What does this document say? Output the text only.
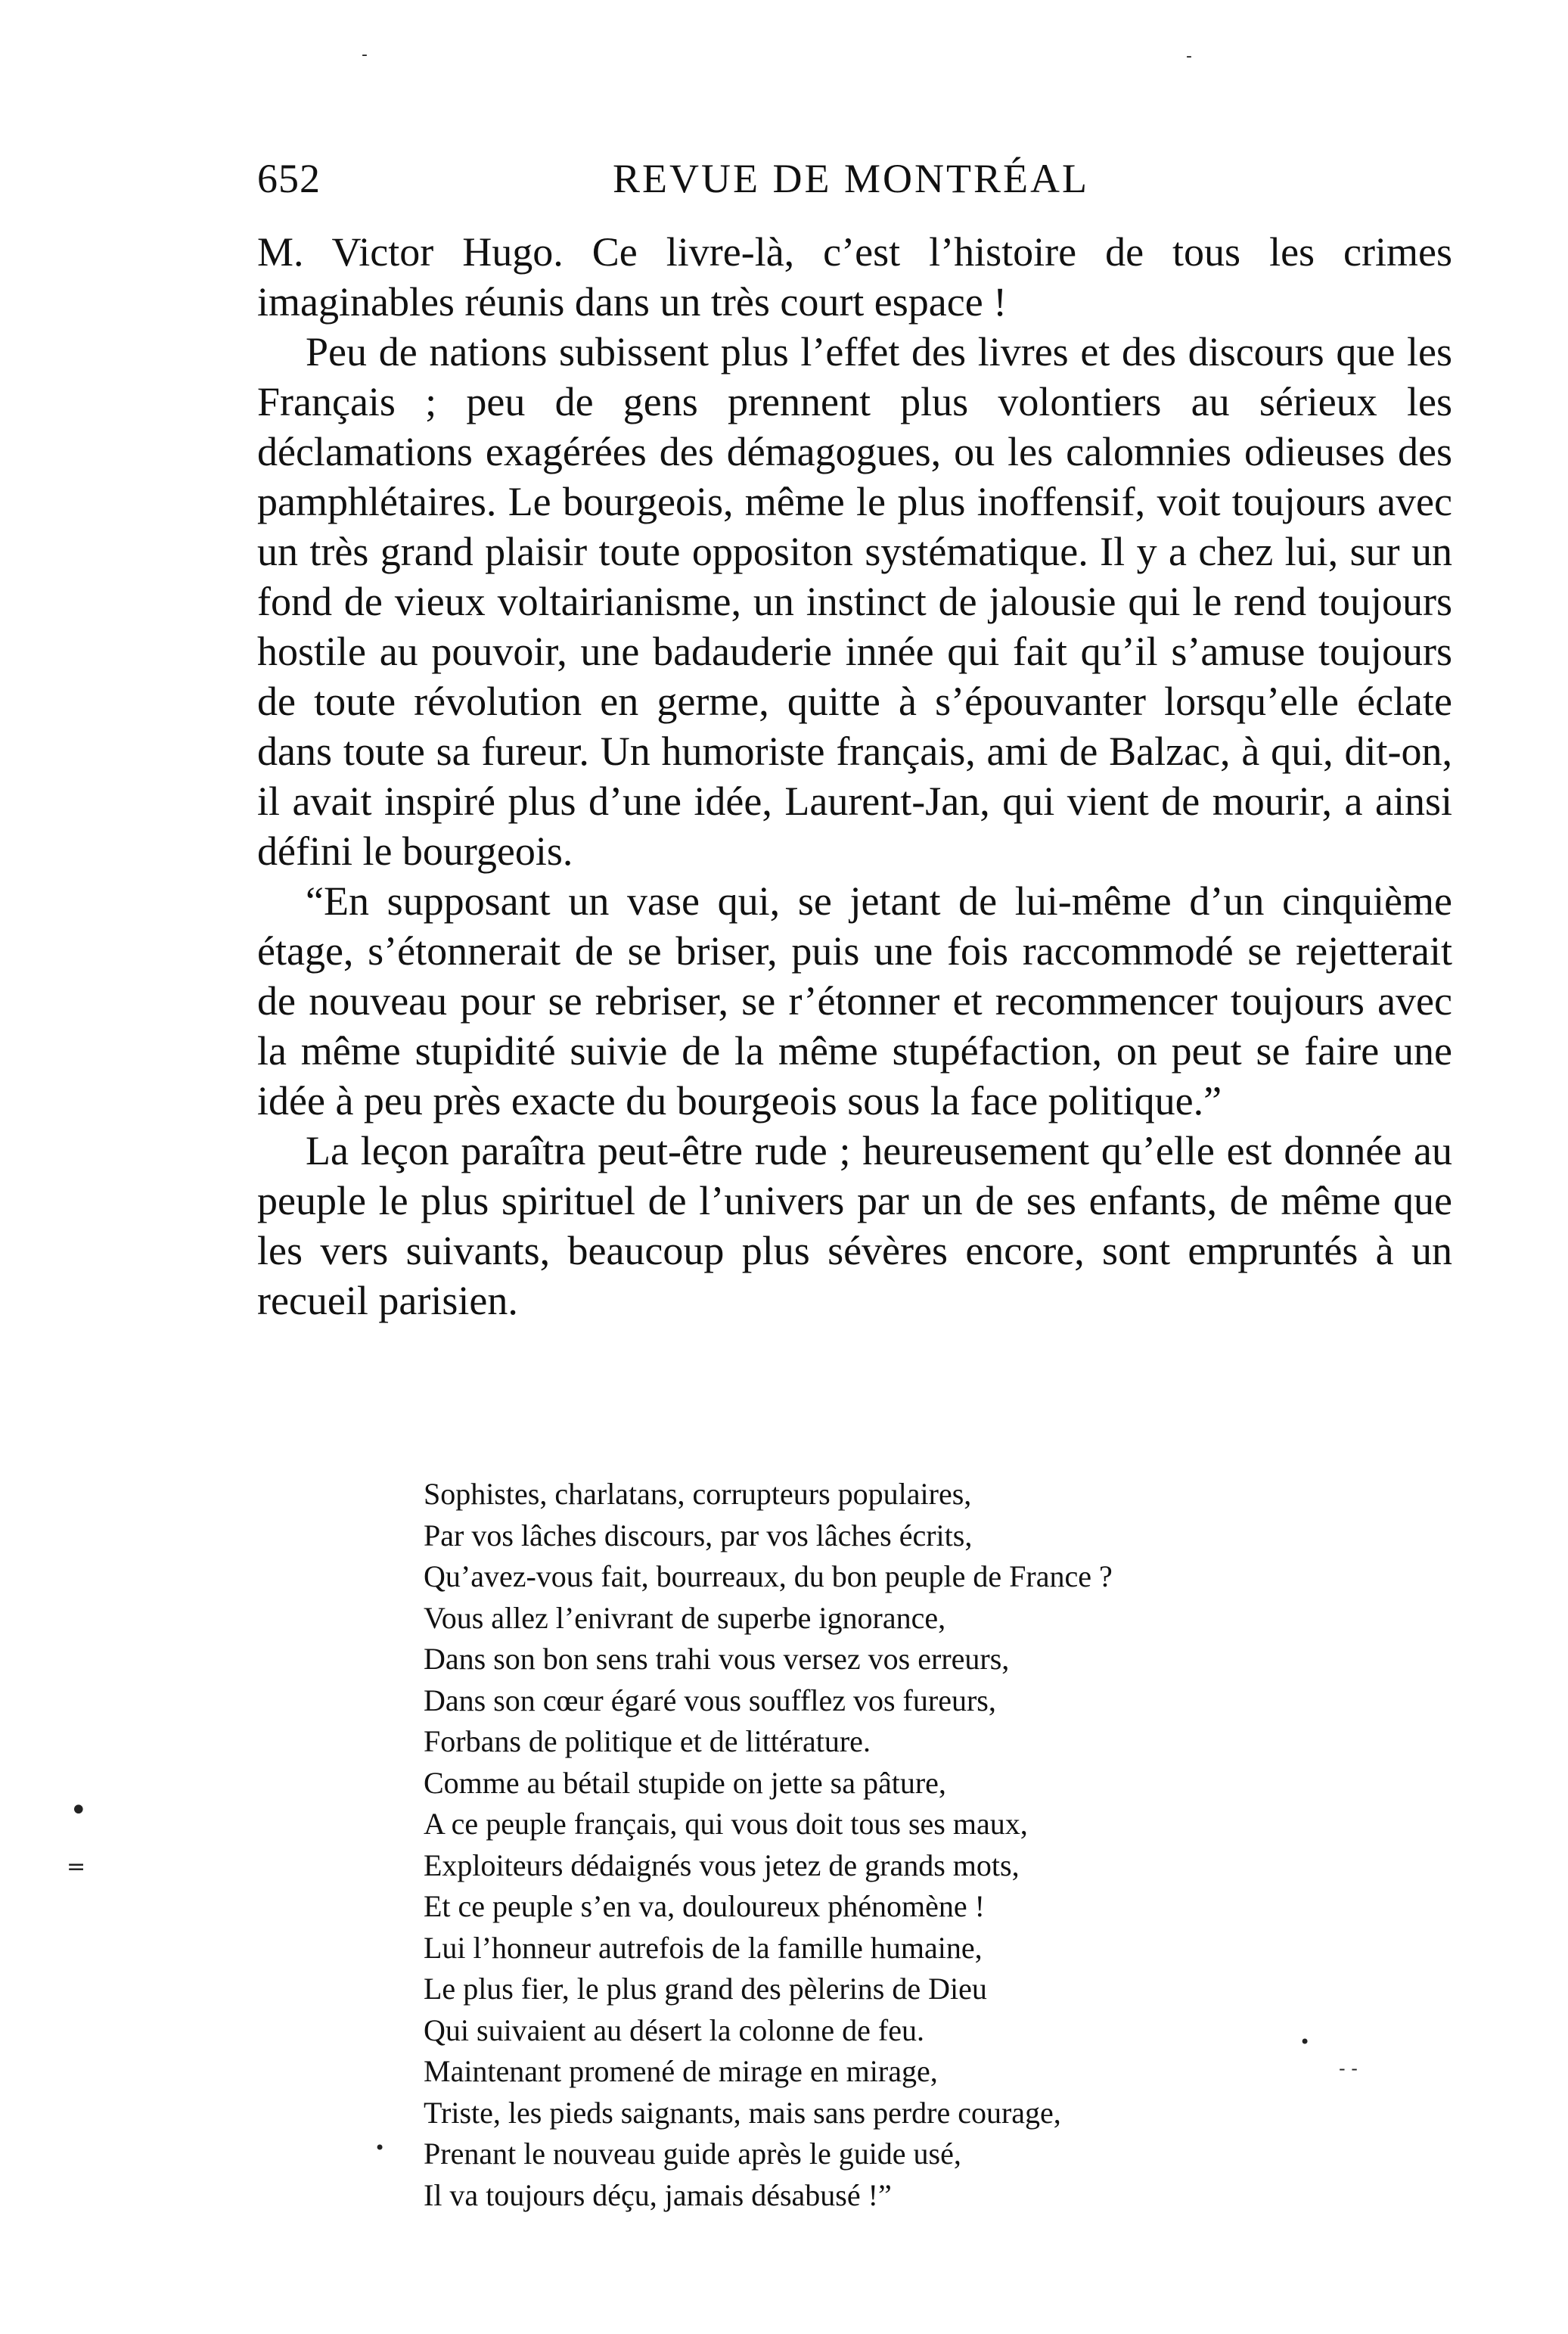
652	REVUE DE MONTRÉAL

M. Victor Hugo. Ce livre-là, c’est l’histoire de tous les crimes imaginables réunis dans un très court espace !

Peu de nations subissent plus l’effet des livres et des discours que les Français ; peu de gens prennent plus volontiers au sérieux les déclamations exagérées des démagogues, ou les calomnies odieuses des pamphlétaires. Le bourgeois, même le plus inoffensif, voit toujours avec un très grand plaisir toute oppositon systématique. Il y a chez lui, sur un fond de vieux voltairianisme, un instinct de jalousie qui le rend toujours hostile au pouvoir, une badauderie innée qui fait qu’il s’amuse toujours de toute révolution en germe, quitte à s’épouvanter lorsqu’elle éclate dans toute sa fureur. Un humoriste français, ami de Balzac, à qui, dit-on, il avait inspiré plus d’une idée, Laurent-Jan, qui vient de mourir, a ainsi défini le bourgeois.

“En supposant un vase qui, se jetant de lui-même d’un cinquième étage, s’étonnerait de se briser, puis une fois raccommodé se rejetterait de nouveau pour se rebriser, se r’étonner et recommencer toujours avec la même stupidité suivie de la même stupéfaction, on peut se faire une idée à peu près exacte du bourgeois sous la face politique.”

La leçon paraîtra peut-être rude ; heureusement qu’elle est donnée au peuple le plus spirituel de l’univers par un de ses enfants, de même que les vers suivants, beaucoup plus sévères encore, sont empruntés à un recueil parisien.

Sophistes, charlatans, corrupteurs populaires,
Par vos lâches discours, par vos lâches écrits,
Qu’avez-vous fait, bourreaux, du bon peuple de France ?
Vous allez l’enivrant de superbe ignorance,
Dans son bon sens trahi vous versez vos erreurs,
Dans son cœur égaré vous soufflez vos fureurs,
Forbans de politique et de littérature.
Comme au bétail stupide on jette sa pâture,
A ce peuple français, qui vous doit tous ses maux,
Exploiteurs dédaignés vous jetez de grands mots,
Et ce peuple s’en va, douloureux phénomène !
Lui l’honneur autrefois de la famille humaine,
Le plus fier, le plus grand des pèlerins de Dieu
Qui suivaient au désert la colonne de feu.
Maintenant promené de mirage en mirage,
Triste, les pieds saignants, mais sans perdre courage,
Prenant le nouveau guide après le guide usé,
Il va toujours déçu, jamais désabusé !”
-	-
•
=
•
- -
•
